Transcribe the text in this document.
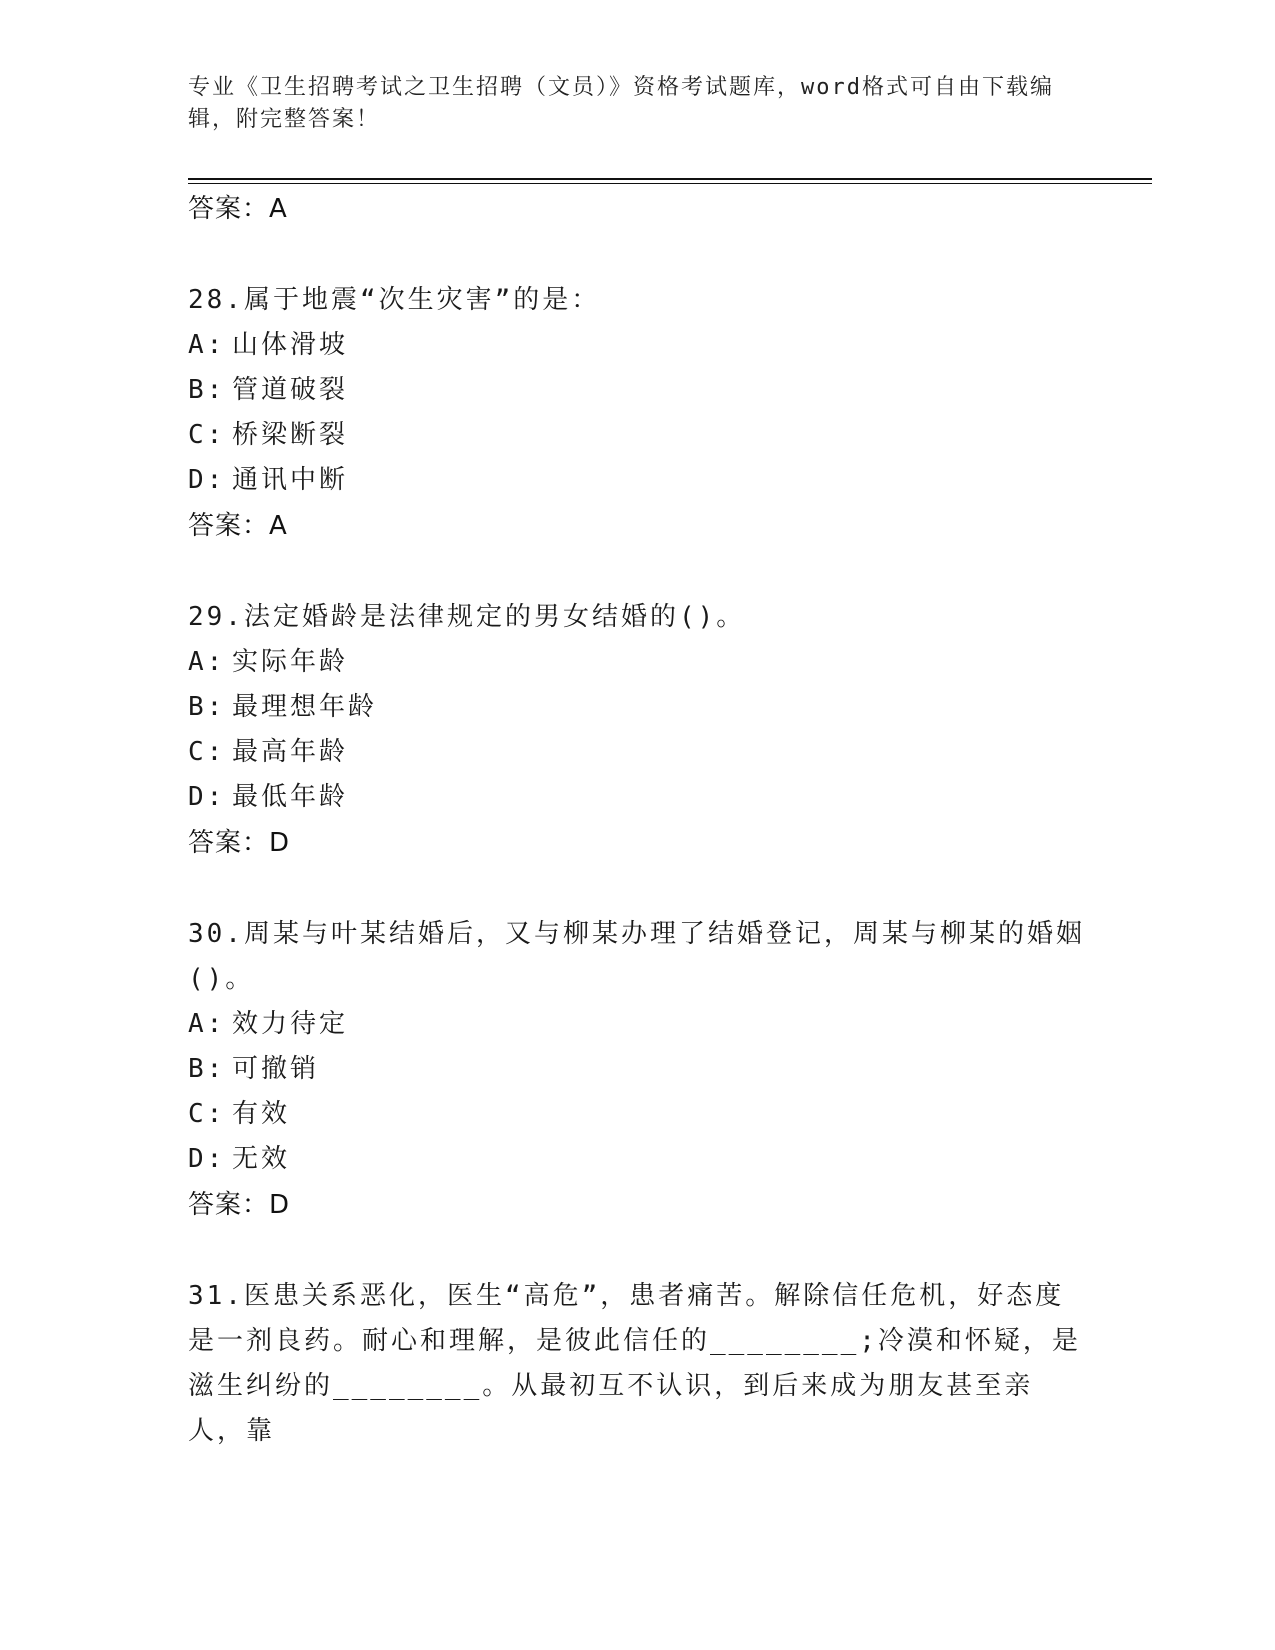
专业《卫生招聘考试之卫生招聘（文员）》资格考试题库，word格式可自由下载编辑，附完整答案！
答案：A
28.属于地震“次生灾害”的是：
A: 山体滑坡
B: 管道破裂
C: 桥梁断裂
D: 通讯中断
答案：A
29.法定婚龄是法律规定的男女结婚的()。
A: 实际年龄
B: 最理想年龄
C: 最高年龄
D: 最低年龄
答案：D
30.周某与叶某结婚后，又与柳某办理了结婚登记，周某与柳某的婚姻()。
A: 效力待定
B: 可撤销
C: 有效
D: 无效
答案：D
31.医患关系恶化，医生“高危”，患者痛苦。解除信任危机，好态度是一剂良药。耐心和理解，是彼此信任的________;冷漠和怀疑，是滋生纠纷的________。从最初互不认识，到后来成为朋友甚至亲人，靠
